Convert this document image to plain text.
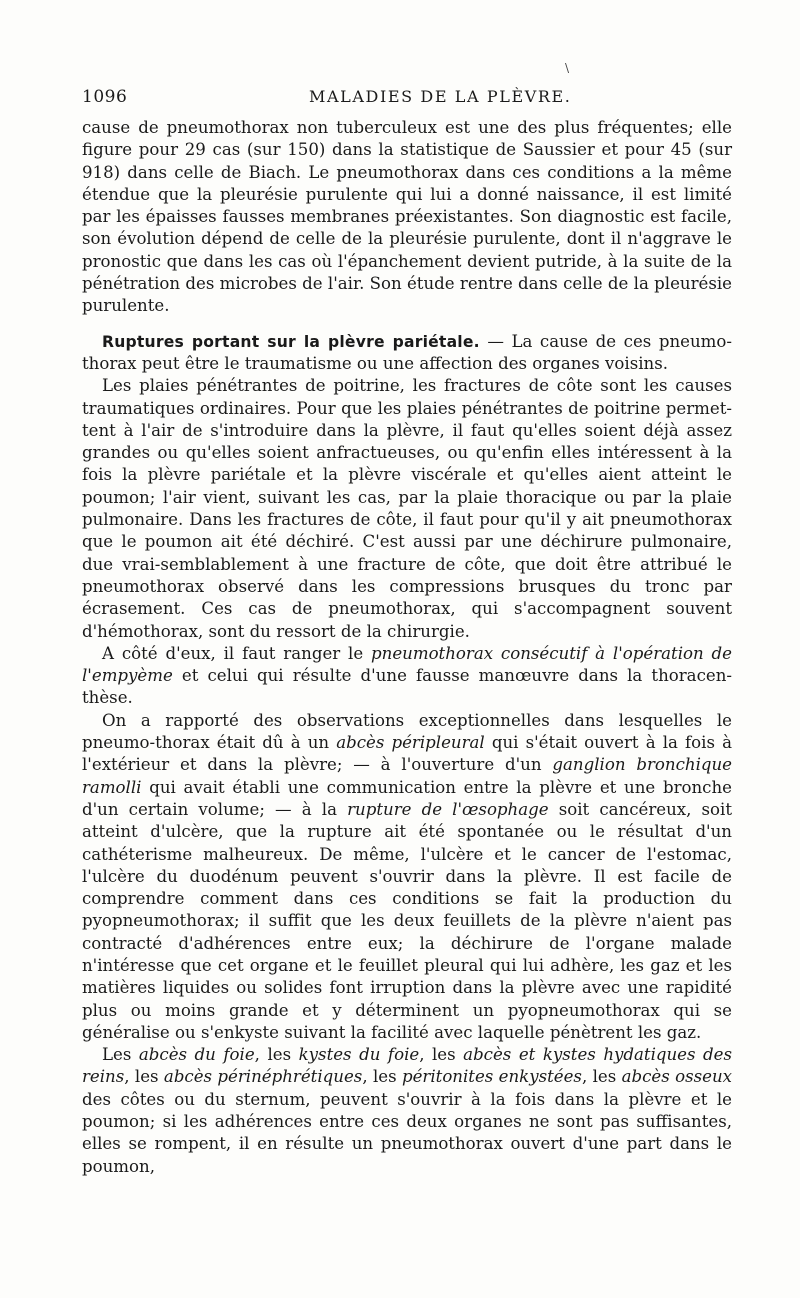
\
1096	MALADIES DE LA PLÈVRE.

cause de pneumothorax non tuberculeux est une des plus fréquentes; elle figure pour 29 cas (sur 150) dans la statistique de Saussier et pour 45 (sur 918) dans celle de Biach. Le pneumothorax dans ces conditions a la même étendue que la pleurésie purulente qui lui a donné naissance, il est limité par les épaisses fausses membranes préexistantes. Son diagnostic est facile, son évolution dépend de celle de la pleurésie purulente, dont il n'aggrave le pronostic que dans les cas où l'épanchement devient putride, à la suite de la pénétration des microbes de l'air. Son étude rentre dans celle de la pleurésie purulente.

Ruptures portant sur la plèvre pariétale. — La cause de ces pneumo-thorax peut être le traumatisme ou une affection des organes voisins.

Les plaies pénétrantes de poitrine, les fractures de côte sont les causes traumatiques ordinaires. Pour que les plaies pénétrantes de poitrine permet-tent à l'air de s'introduire dans la plèvre, il faut qu'elles soient déjà assez grandes ou qu'elles soient anfractueuses, ou qu'enfin elles intéressent à la fois la plèvre pariétale et la plèvre viscérale et qu'elles aient atteint le poumon; l'air vient, suivant les cas, par la plaie thoracique ou par la plaie pulmonaire. Dans les fractures de côte, il faut pour qu'il y ait pneumothorax que le poumon ait été déchiré. C'est aussi par une déchirure pulmonaire, due vrai-semblablement à une fracture de côte, que doit être attribué le pneumothorax observé dans les compressions brusques du tronc par écrasement. Ces cas de pneumothorax, qui s'accompagnent souvent d'hémothorax, sont du ressort de la chirurgie.

A côté d'eux, il faut ranger le pneumothorax consécutif à l'opération de l'empyème et celui qui résulte d'une fausse manœuvre dans la thoracen-thèse.

On a rapporté des observations exceptionnelles dans lesquelles le pneumo-thorax était dû à un abcès péripleural qui s'était ouvert à la fois à l'extérieur et dans la plèvre; — à l'ouverture d'un ganglion bronchique ramolli qui avait établi une communication entre la plèvre et une bronche d'un certain volume; — à la rupture de l'œsophage soit cancéreux, soit atteint d'ulcère, que la rupture ait été spontanée ou le résultat d'un cathéterisme malheureux. De même, l'ulcère et le cancer de l'estomac, l'ulcère du duodénum peuvent s'ouvrir dans la plèvre. Il est facile de comprendre comment dans ces conditions se fait la production du pyopneumothorax; il suffit que les deux feuillets de la plèvre n'aient pas contracté d'adhérences entre eux; la déchirure de l'organe malade n'intéresse que cet organe et le feuillet pleural qui lui adhère, les gaz et les matières liquides ou solides font irruption dans la plèvre avec une rapidité plus ou moins grande et y déterminent un pyopneumothorax qui se généralise ou s'enkyste suivant la facilité avec laquelle pénètrent les gaz.

Les abcès du foie, les kystes du foie, les abcès et kystes hydatiques des reins, les abcès périnéphrétiques, les péritonites enkystées, les abcès osseux des côtes ou du sternum, peuvent s'ouvrir à la fois dans la plèvre et le poumon; si les adhérences entre ces deux organes ne sont pas suffisantes, elles se rompent, il en résulte un pneumothorax ouvert d'une part dans le poumon,
